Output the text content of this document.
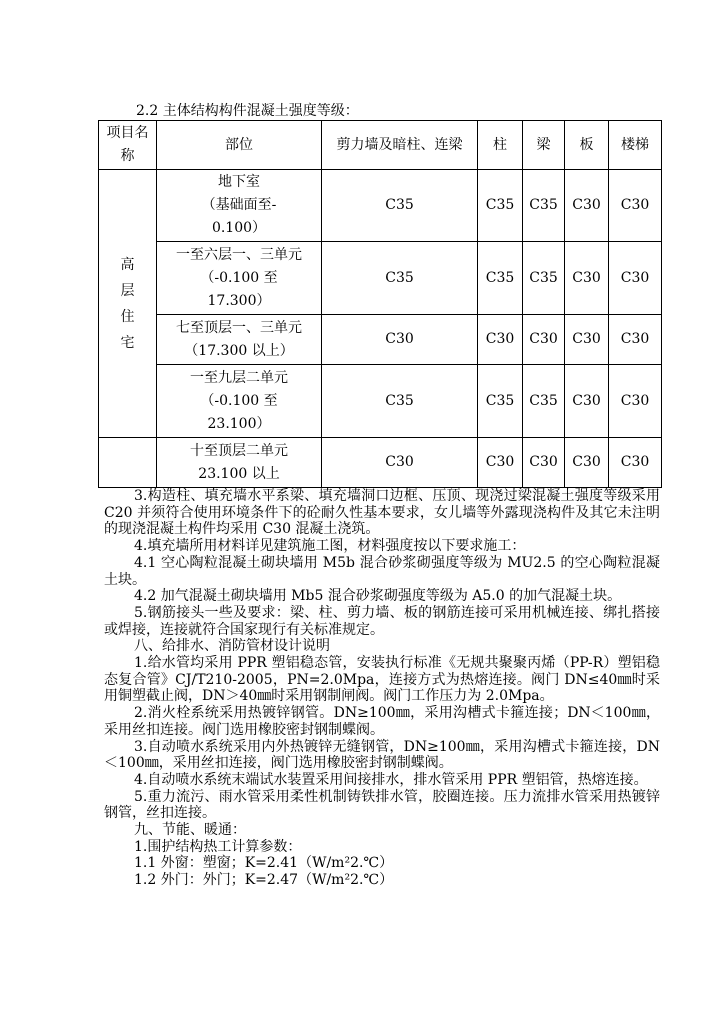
2.2 主体结构构件混凝土强度等级：
项目名称	部位	剪力墙及暗柱、连梁	柱	梁	板	楼梯
高层住宅	地下室
（基础面至-
0.100）	C35	C35	C35	C30	C30

	一至六层一、三单元
（-0.100 至
17.300）	C35	C35	C35	C30	C30

	七至顶层一、三单元
（17.300 以上）	C30	C30	C30	C30	C30

	一至九层二单元
（-0.100 至
23.100）	C35	C35	C35	C30	C30

	十至顶层二单元
23.100 以上	C30	C30	C30	C30	C30

3.构造柱、填充墙水平系梁、填充墙洞口边框、压顶、现浇过梁混凝土强度等级采用 C20 并须符合使用环境条件下的砼耐久性基本要求，女儿墙等外露现浇构件及其它未注明的现浇混凝土构件均采用 C30 混凝土浇筑。

4.填充墙所用材料详见建筑施工图，材料强度按以下要求施工：

4.1 空心陶粒混凝土砌块墙用 M5b 混合砂浆砌强度等级为 MU2.5 的空心陶粒混凝土块。

4.2 加气混凝土砌块墙用 Mb5 混合砂浆砌强度等级为 A5.0 的加气混凝土块。

5.钢筋接头一些及要求：梁、柱、剪力墙、板的钢筋连接可采用机械连接、绑扎搭接或焊接，连接就符合国家现行有关标准规定。

八、给排水、消防管材设计说明

1.给水管均采用 PPR 塑铝稳态管，安装执行标准《无规共聚聚丙烯（PP-R）塑铝稳态复合管》CJ/T210-2005，PN=2.0Mpa，连接方式为热熔连接。阀门 DN≤40㎜时采用铜塑截止阀，DN＞40㎜时采用钢制闸阀。阀门工作压力为 2.0Mpa。

2.消火栓系统采用热镀锌钢管。DN≥100㎜，采用沟槽式卡箍连接；DN＜100㎜，采用丝扣连接。阀门选用橡胶密封钢制蝶阀。

3.自动喷水系统采用内外热镀锌无缝钢管，DN≥100㎜，采用沟槽式卡箍连接，DN＜100㎜，采用丝扣连接，阀门选用橡胶密封钢制蝶阀。

4.自动喷水系统末端试水装置采用间接排水，排水管采用 PPR 塑铝管，热熔连接。

5.重力流污、雨水管采用柔性机制铸铁排水管，胶圈连接。压力流排水管采用热镀锌钢管，丝扣连接。

九、节能、暖通：

1.围护结构热工计算参数：

1.1 外窗：塑窗；K=2.41（W/m²2.℃）

1.2 外门：外门；K=2.47（W/m²2.℃）
